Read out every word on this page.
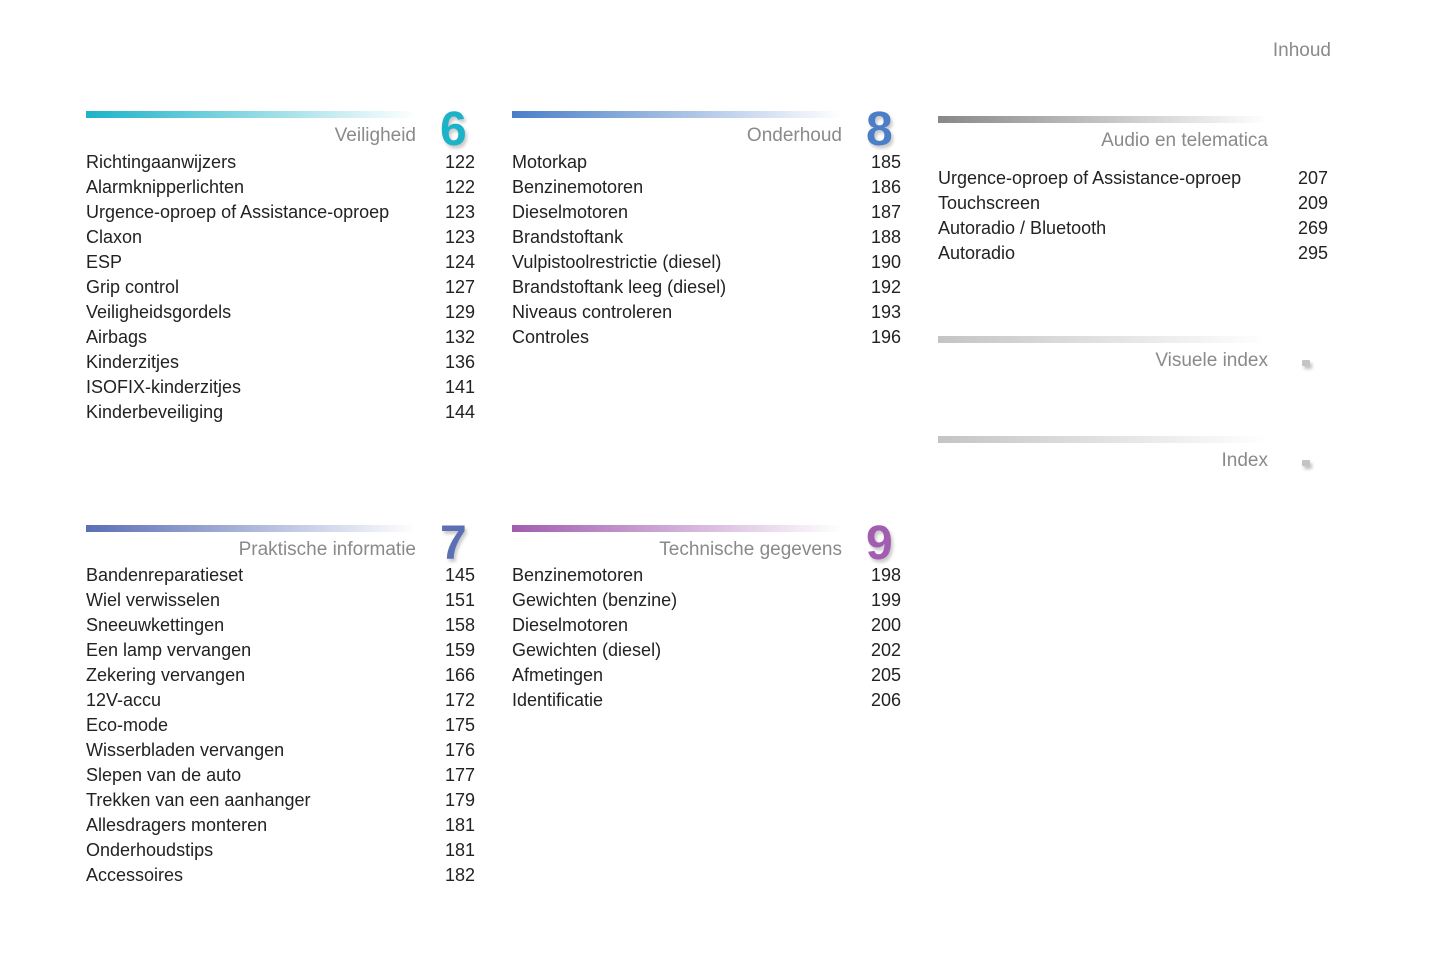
Inhoud
Veiligheid 6
Richtingaanwijzers	122
Alarmknipperlichten	122
Urgence-oproep of Assistance-oproep	123
Claxon	123
ESP	124
Grip control	127
Veiligheidsgordels	129
Airbags	132
Kinderzitjes	136
ISOFIX-kinderzitjes	141
Kinderbeveiliging	144
Praktische informatie 7
Bandenreparatieset	145
Wiel verwisselen	151
Sneeuwkettingen	158
Een lamp vervangen	159
Zekering vervangen	166
12V-accu	172
Eco-mode	175
Wisserbladen vervangen	176
Slepen van de auto	177
Trekken van een aanhanger	179
Allesdragers monteren	181
Onderhoudstips	181
Accessoires	182
Onderhoud 8
Motorkap	185
Benzinemotoren	186
Dieselmotoren	187
Brandstoftank	188
Vulpistoolrestrictie (diesel)	190
Brandstoftank leeg (diesel)	192
Niveaus controleren	193
Controles	196
Technische gegevens 9
Benzinemotoren	198
Gewichten (benzine)	199
Dieselmotoren	200
Gewichten (diesel)	202
Afmetingen	205
Identificatie	206
Audio en telematica
Urgence-oproep of Assistance-oproep	207
Touchscreen	209
Autoradio / Bluetooth	269
Autoradio	295
Visuele index
Index
